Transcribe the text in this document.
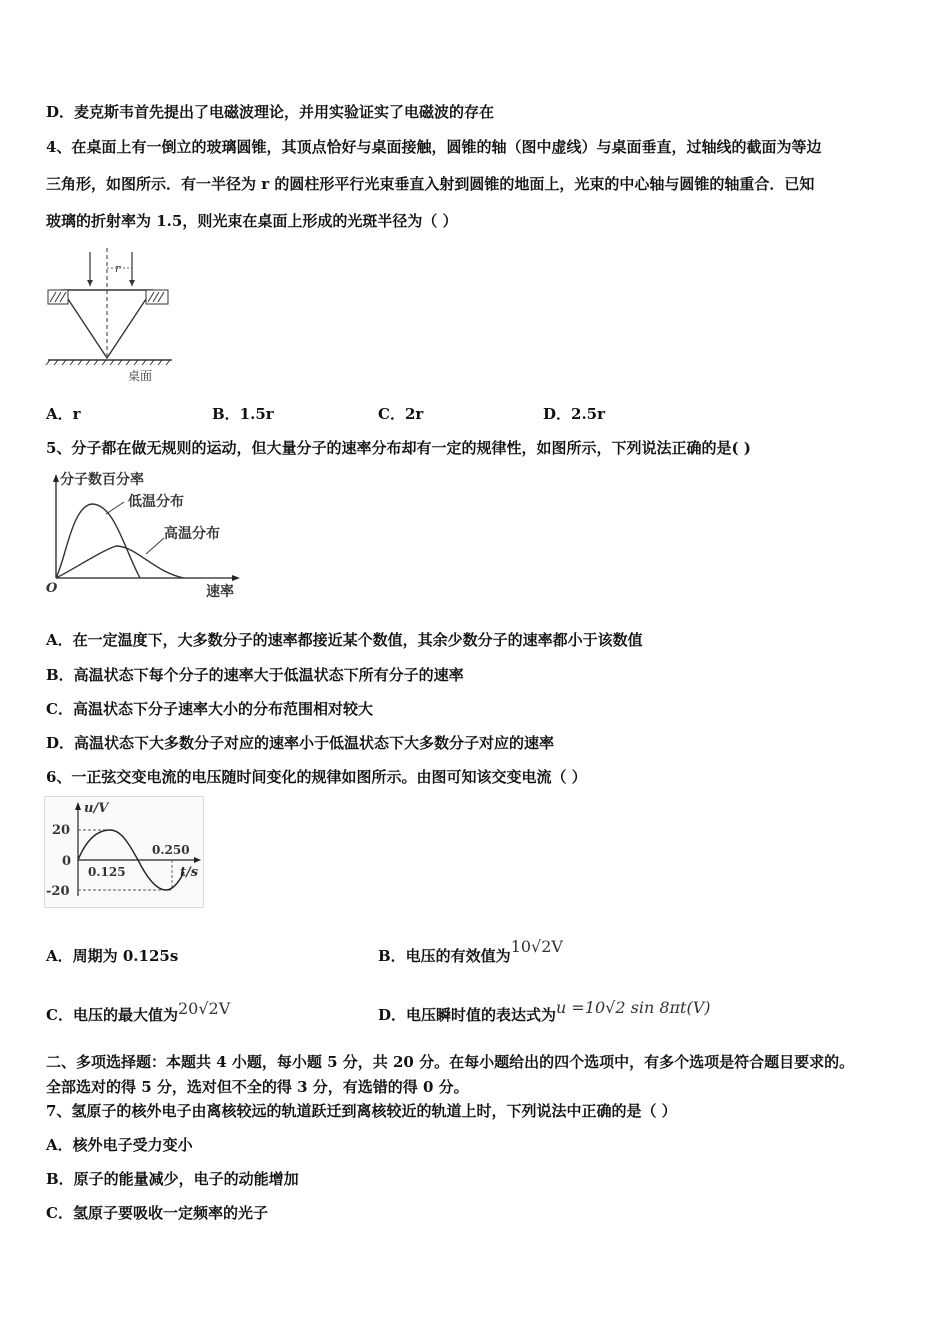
D．麦克斯韦首先提出了电磁波理论，并用实验证实了电磁波的存在
4、在桌面上有一倒立的玻璃圆锥，其顶点恰好与桌面接触，圆锥的轴（图中虚线）与桌面垂直，过轴线的截面为等边
三角形，如图所示．有一半径为 r 的圆柱形平行光束垂直入射到圆锥的地面上，光束的中心轴与圆锥的轴重合．已知
玻璃的折射率为 1.5，则光束在桌面上形成的光斑半径为（ ）
r
桌面
A．r	B．1.5r	C．2r	D．2.5r
5、分子都在做无规则的运动，但大量分子的速率分布却有一定的规律性，如图所示，下列说法正确的是( )
分子数百分率
速率
O
低温分布
高温分布
A．在一定温度下，大多数分子的速率都接近某个数值，其余少数分子的速率都小于该数值
B．高温状态下每个分子的速率大于低温状态下所有分子的速率
C．高温状态下分子速率大小的分布范围相对较大
D．高温状态下大多数分子对应的速率小于低温状态下大多数分子对应的速率
6、一正弦交变电流的电压随时间变化的规律如图所示。由图可知该交变电流（ ）
u/V
t/s
20
0
-20
0.125
0.250
A．周期为 0.125s	B．电压的有效值为10√2V
C．电压的最大值为20√2V	D．电压瞬时值的表达式为u =10√2 sin 8πt(V)
二、多项选择题：本题共 4 小题，每小题 5 分，共 20 分。在每小题给出的四个选项中，有多个选项是符合题目要求的。
全部选对的得 5 分，选对但不全的得 3 分，有选错的得 0 分。
7、氢原子的核外电子由离核较远的轨道跃迁到离核较近的轨道上时，下列说法中正确的是（ ）
A．核外电子受力变小
B．原子的能量减少，电子的动能增加
C．氢原子要吸收一定频率的光子
